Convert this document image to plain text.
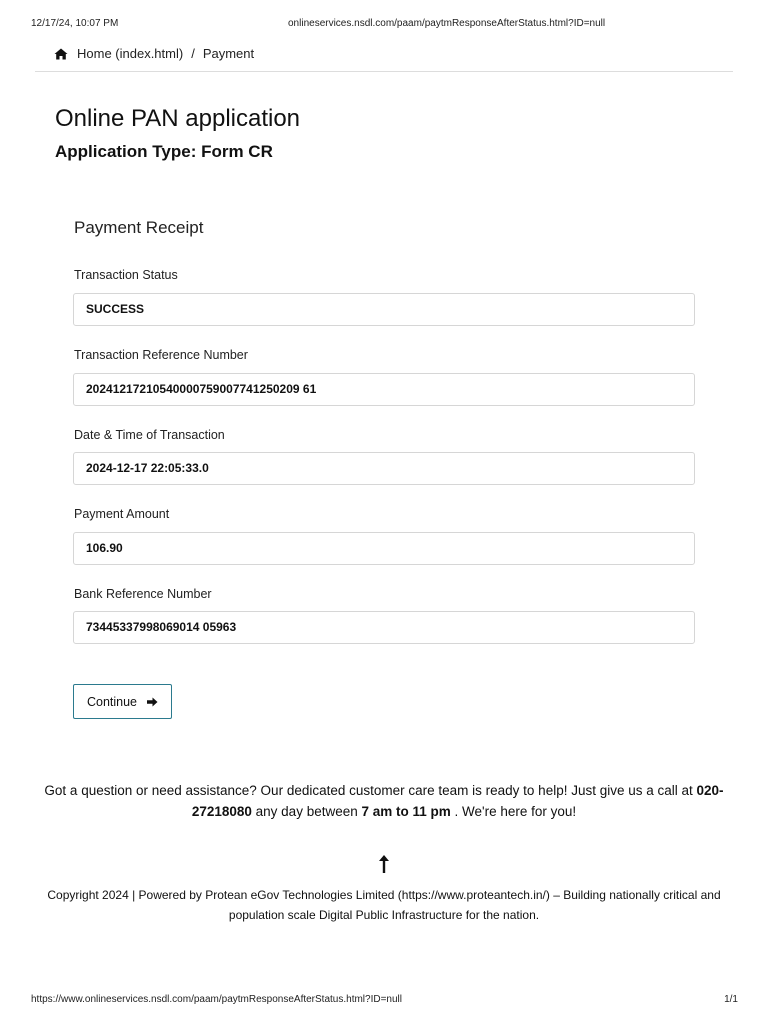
12/17/24, 10:07 PM	onlineservices.nsdl.com/paam/paytmResponseAfterStatus.html?ID=null
Home (index.html) / Payment
Online PAN application
Application Type: Form CR
Payment Receipt
Transaction Status
SUCCESS
Transaction Reference Number
20241217210540000759007741250209 61
Date & Time of Transaction
2024-12-17 22:05:33.0
Payment Amount
106.90
Bank Reference Number
73445337998069014 05963
Continue
Got a question or need assistance? Our dedicated customer care team is ready to help! Just give us a call at 020-27218080 any day between 7 am to 11 pm . We're here for you!
Copyright 2024 | Powered by Protean eGov Technologies Limited (https://www.proteantech.in/) – Building nationally critical and population scale Digital Public Infrastructure for the nation.
https://www.onlineservices.nsdl.com/paam/paytmResponseAfterStatus.html?ID=null	1/1
